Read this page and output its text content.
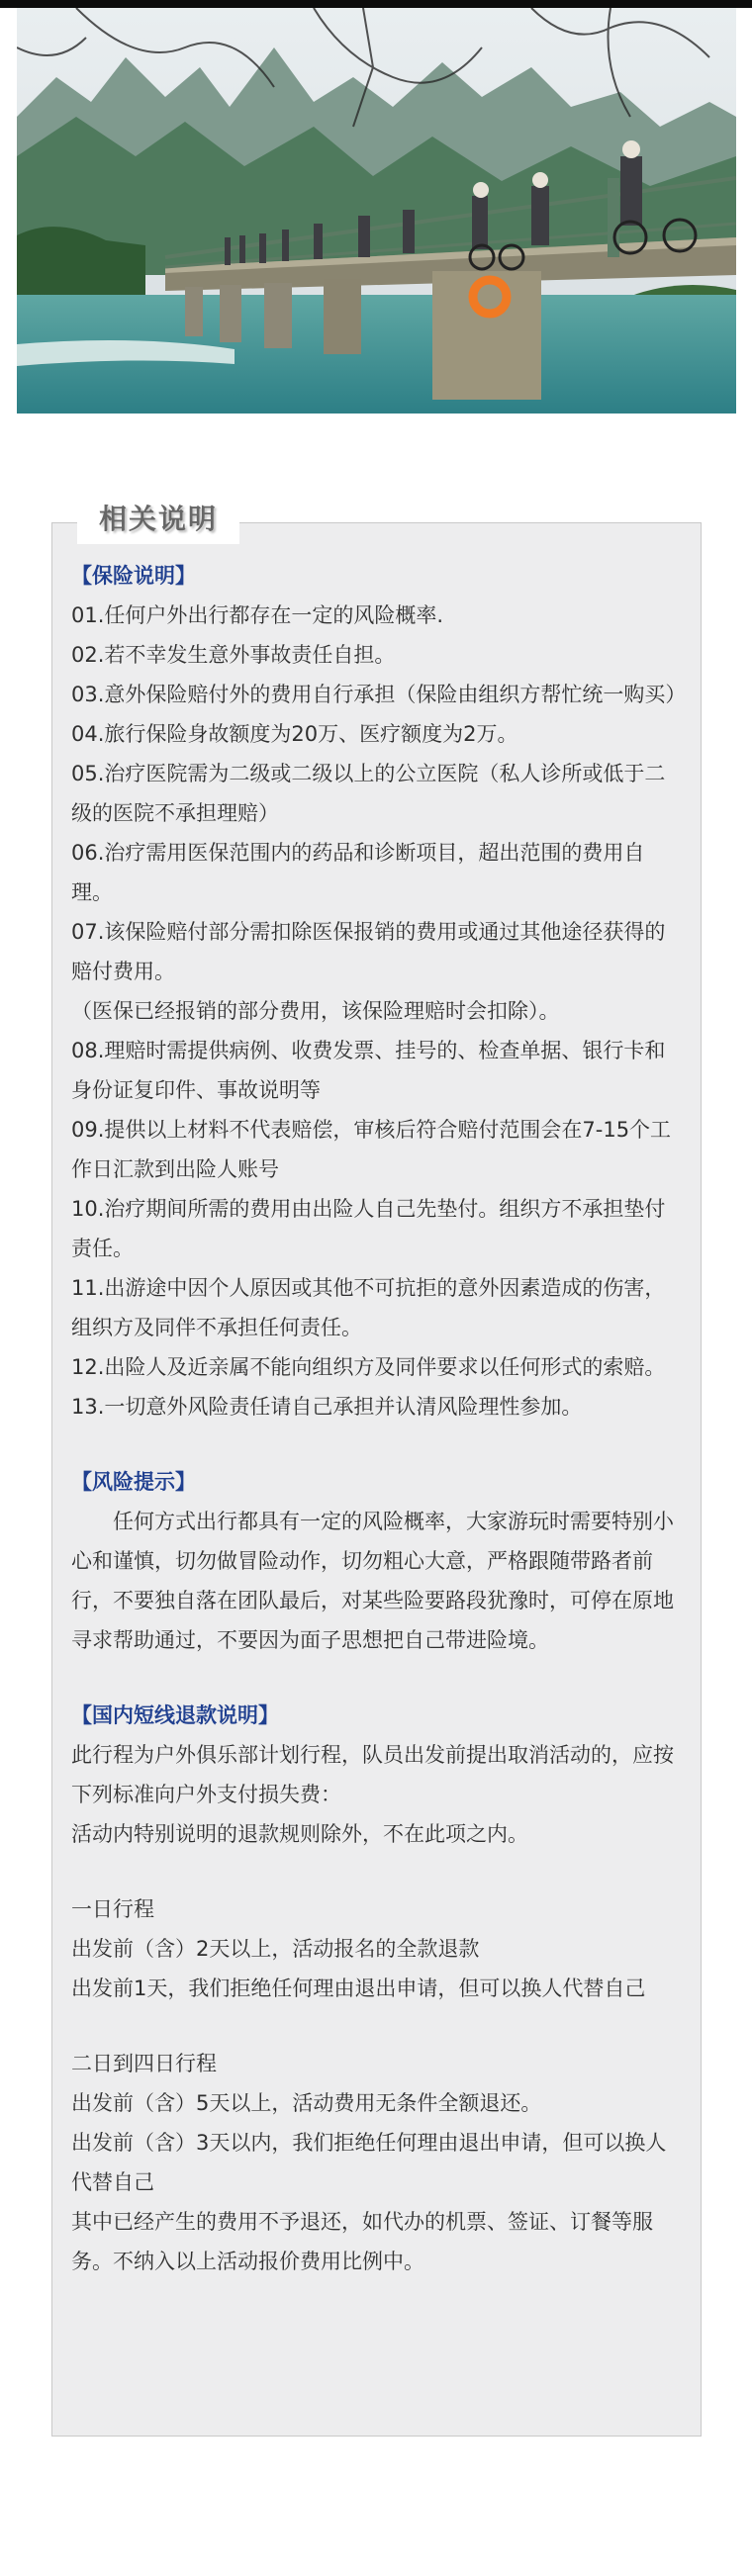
相关说明

【保险说明】

01.任何户外出行都存在一定的风险概率.

02.若不幸发生意外事故责任自担。

03.意外保险赔付外的费用自行承担（保险由组织方帮忙统一购买）

04.旅行保险身故额度为20万、医疗额度为2万。

05.治疗医院需为二级或二级以上的公立医院（私人诊所或低于二级的医院不承担理赔）

06.治疗需用医保范围内的药品和诊断项目，超出范围的费用自理。

07.该保险赔付部分需扣除医保报销的费用或通过其他途径获得的赔付费用。

（医保已经报销的部分费用，该保险理赔时会扣除）。

08.理赔时需提供病例、收费发票、挂号的、检查单据、银行卡和身份证复印件、事故说明等

09.提供以上材料不代表赔偿，审核后符合赔付范围会在7-15个工作日汇款到出险人账号

10.治疗期间所需的费用由出险人自己先垫付。组织方不承担垫付责任。

11.出游途中因个人原因或其他不可抗拒的意外因素造成的伤害，组织方及同伴不承担任何责任。

12.出险人及近亲属不能向组织方及同伴要求以任何形式的索赔。

13.一切意外风险责任请自己承担并认清风险理性参加。

【风险提示】

任何方式出行都具有一定的风险概率，大家游玩时需要特别小心和谨慎，切勿做冒险动作，切勿粗心大意，严格跟随带路者前行，不要独自落在团队最后，对某些险要路段犹豫时，可停在原地寻求帮助通过，不要因为面子思想把自己带进险境。

【国内短线退款说明】

此行程为户外俱乐部计划行程，队员出发前提出取消活动的，应按下列标准向户外支付损失费：

活动内特别说明的退款规则除外，不在此项之内。

一日行程

出发前（含）2天以上，活动报名的全款退款

出发前1天，我们拒绝任何理由退出申请，但可以换人代替自己

二日到四日行程

出发前（含）5天以上，活动费用无条件全额退还。

出发前（含）3天以内，我们拒绝任何理由退出申请，但可以换人代替自己

其中已经产生的费用不予退还，如代办的机票、签证、订餐等服务。不纳入以上活动报价费用比例中。
